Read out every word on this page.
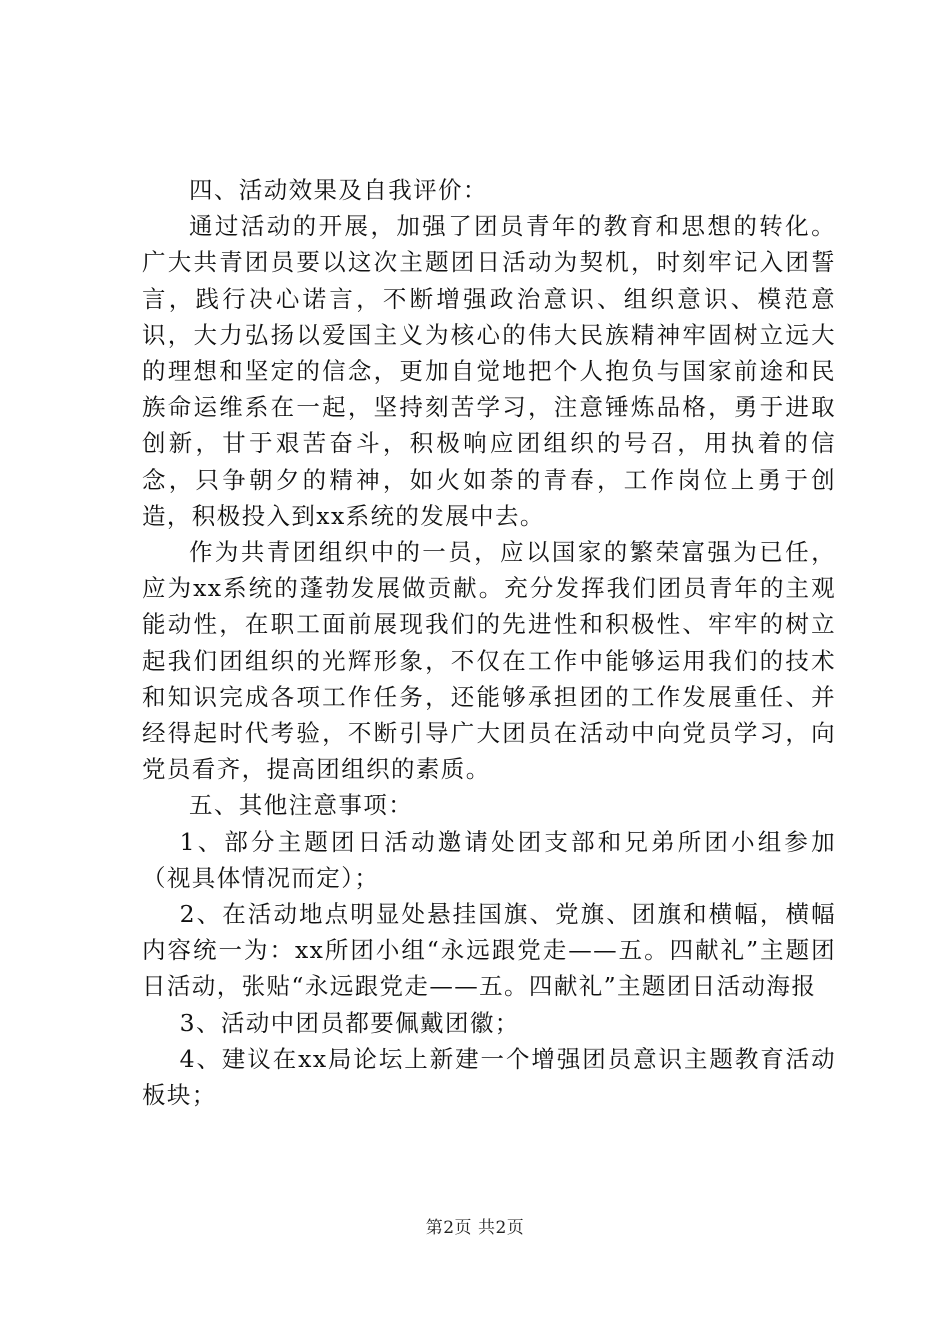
四、活动效果及自我评价：

通过活动的开展，加强了团员青年的教育和思想的转化。广大共青团员要以这次主题团日活动为契机，时刻牢记入团誓言，践行决心诺言，不断增强政治意识、组织意识、模范意识，大力弘扬以爱国主义为核心的伟大民族精神牢固树立远大的理想和坚定的信念，更加自觉地把个人抱负与国家前途和民族命运维系在一起，坚持刻苦学习，注意锤炼品格，勇于进取创新，甘于艰苦奋斗，积极响应团组织的号召，用执着的信念，只争朝夕的精神，如火如荼的青春，工作岗位上勇于创造，积极投入到xx系统的发展中去。

作为共青团组织中的一员，应以国家的繁荣富强为已任，应为xx系统的蓬勃发展做贡献。充分发挥我们团员青年的主观能动性，在职工面前展现我们的先进性和积极性、牢牢的树立起我们团组织的光辉形象，不仅在工作中能够运用我们的技术和知识完成各项工作任务，还能够承担团的工作发展重任、并经得起时代考验，不断引导广大团员在活动中向党员学习，向党员看齐，提高团组织的素质。

五、其他注意事项：

1、部分主题团日活动邀请处团支部和兄弟所团小组参加（视具体情况而定）；

2、在活动地点明显处悬挂国旗、党旗、团旗和横幅，横幅内容统一为：xx所团小组“永远跟党走——五。四献礼”主题团日活动，张贴“永远跟党走——五。四献礼”主题团日活动海报

3、活动中团员都要佩戴团徽；

4、建议在xx局论坛上新建一个增强团员意识主题教育活动板块；

第2页 共2页
